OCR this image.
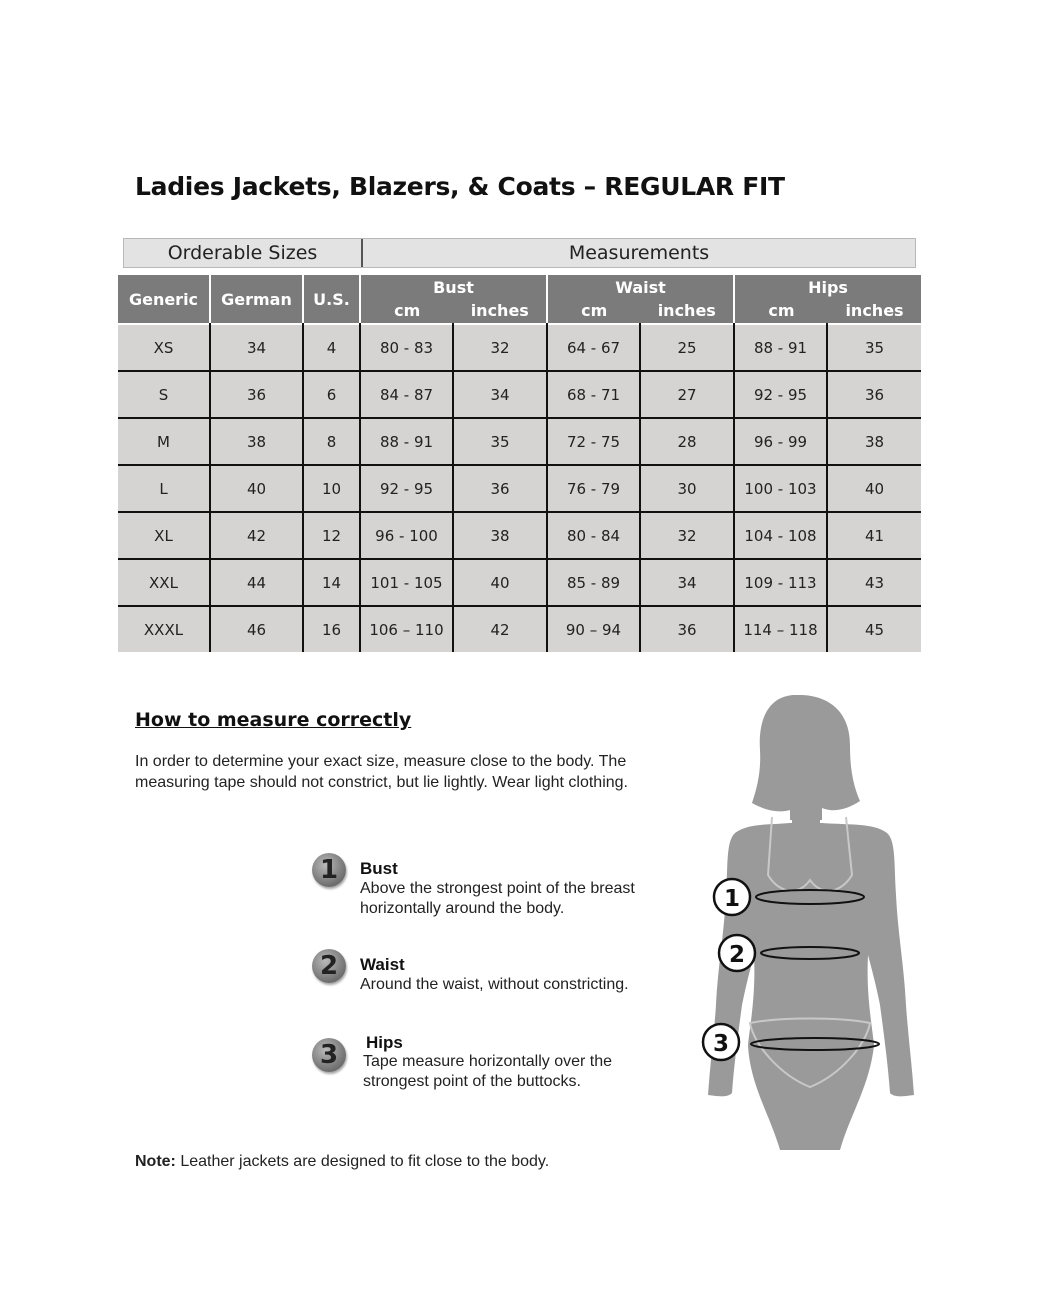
Ladies Jackets, Blazers, & Coats – REGULAR FIT
Orderable Sizes	Measurements
Generic	German	U.S.	
Bust
cm	inches

Waist
cm	inches

Hips
cm	inches
XS	34	4	80 - 83	32	64 - 67	25	88 - 91	35
S	36	6	84 - 87	34	68 - 71	27	92 - 95	36
M	38	8	88 - 91	35	72 - 75	28	96 - 99	38
L	40	10	92 - 95	36	76 - 79	30	100 - 103	40
XL	42	12	96 - 100	38	80 - 84	32	104 - 108	41
XXL	44	14	101 - 105	40	85 - 89	34	109 - 113	43
XXXL	46	16	106 – 110	42	90 – 94	36	114 – 118	45
How to measure correctly
In order to determine your exact size, measure close to the body. The measuring tape should not constrict, but lie lightly. Wear light clothing.
1	Bust
Above the strongest point of the breast horizontally around the body.
2	Waist
Around the waist, without constricting.
3	Hips
Tape measure horizontally over the strongest point of the buttocks.
Note: Leather jackets are designed to fit close to the body.
1
2
3
